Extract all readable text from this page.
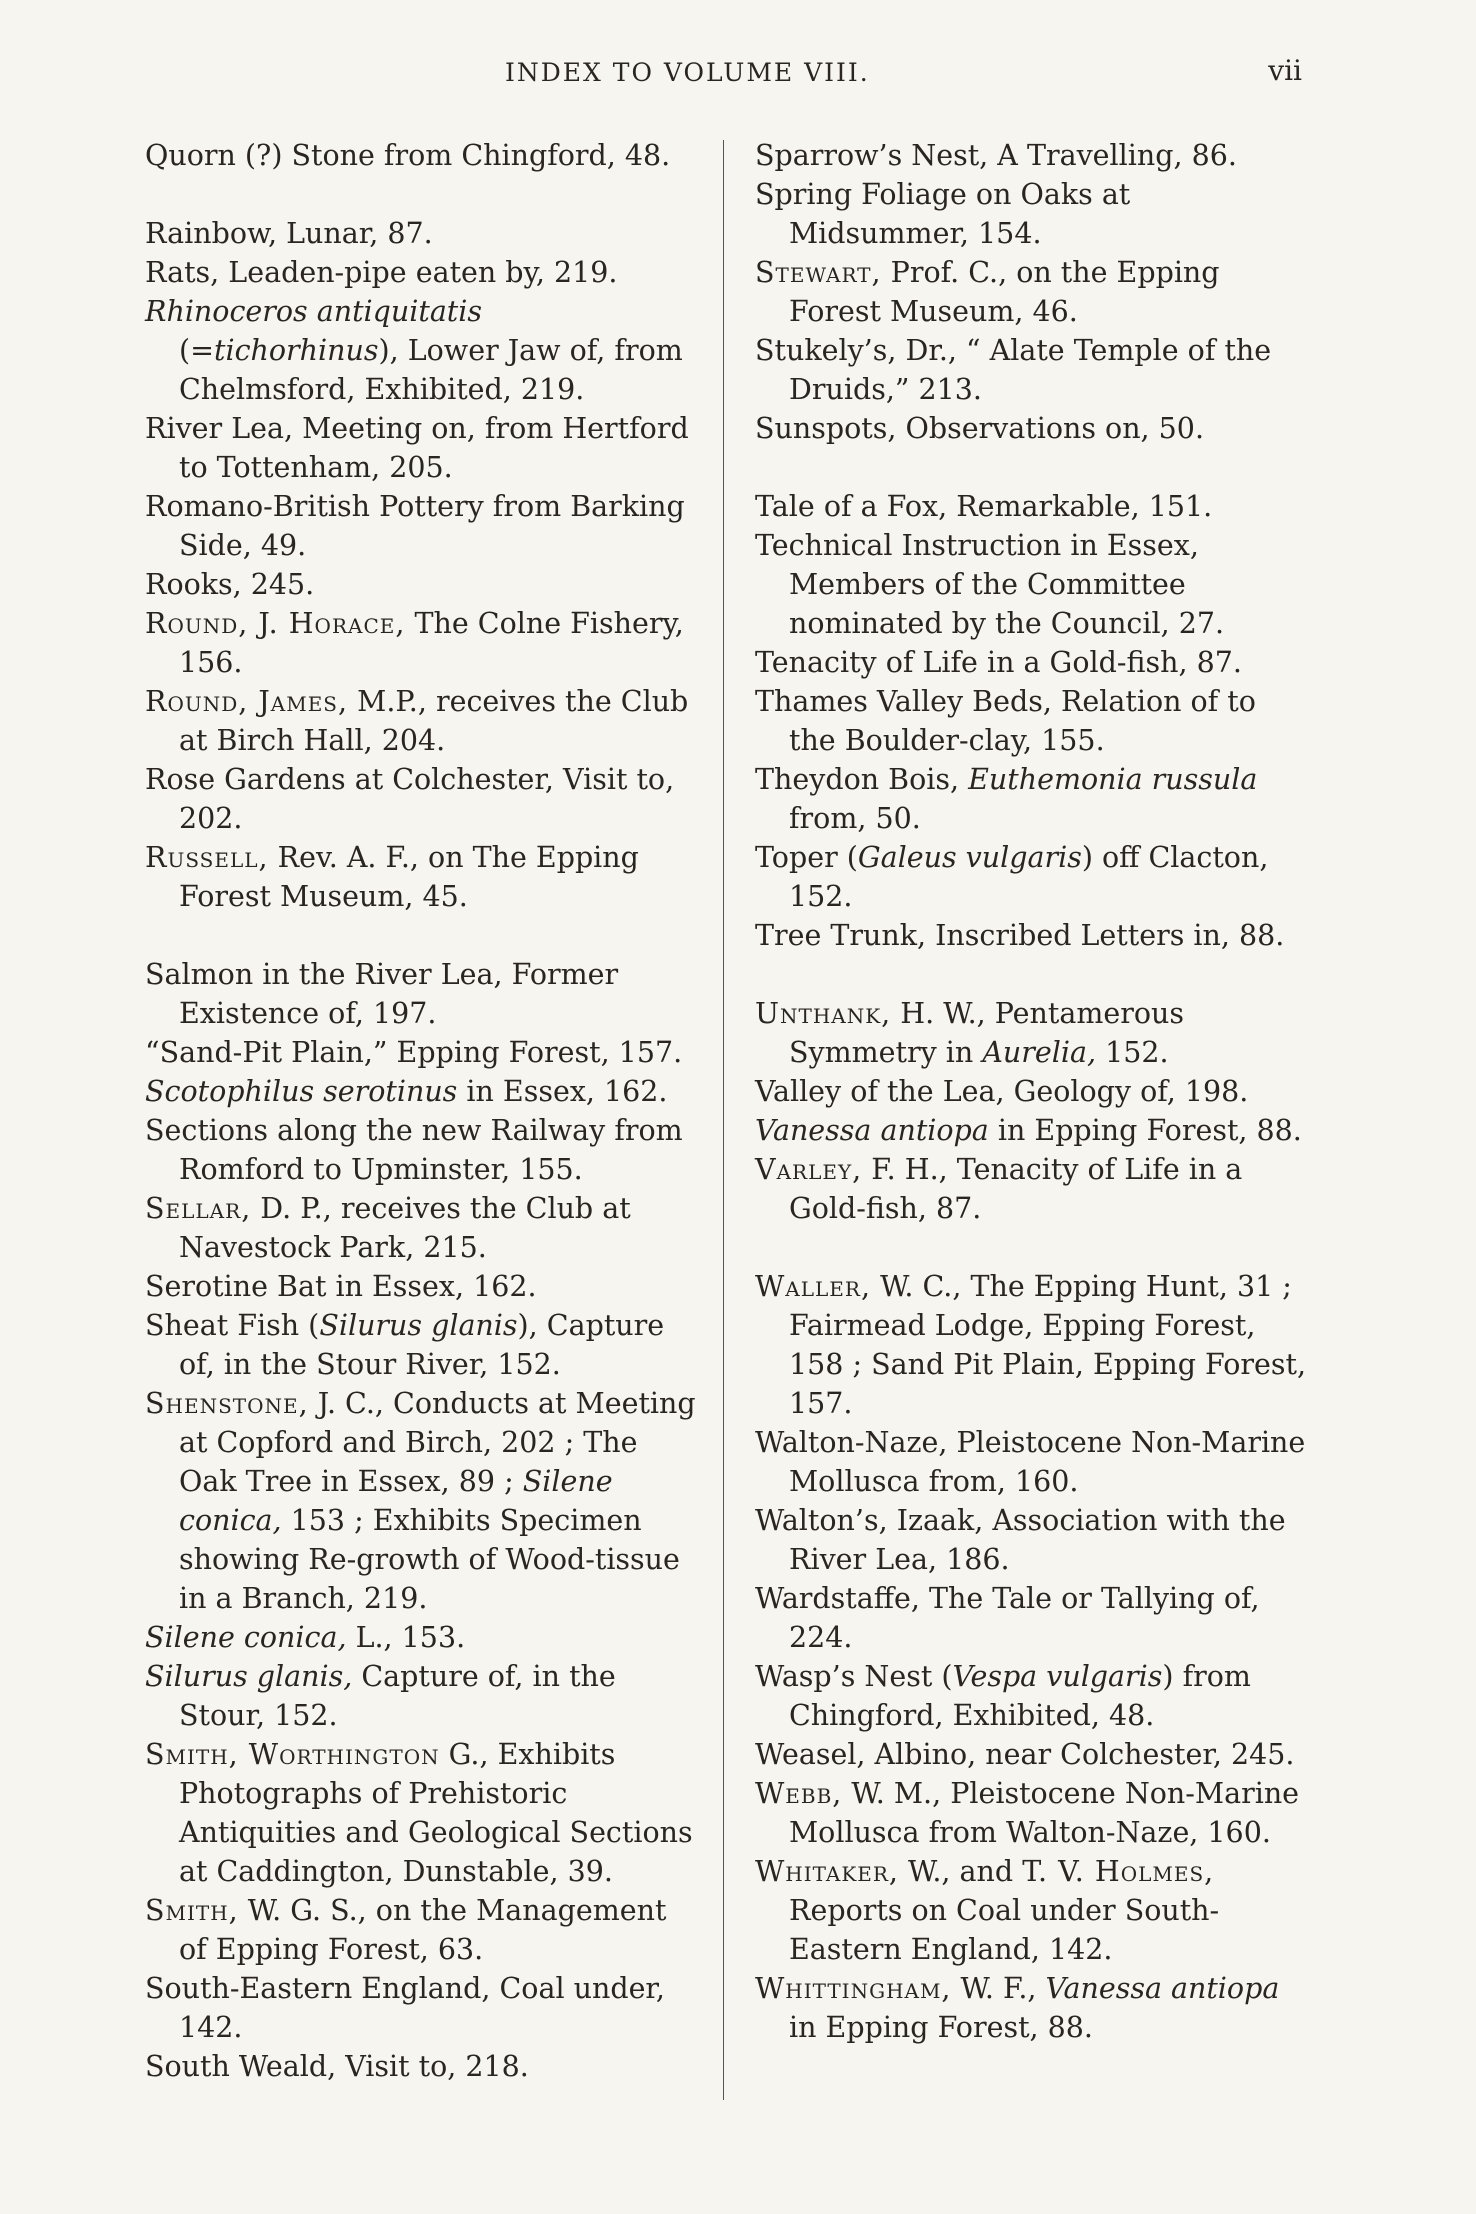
INDEX TO VOLUME VIII.	vii

Quorn (?) Stone from Chingford, 48.

Rainbow, Lunar, 87.

Rats, Leaden-pipe eaten by, 219.

Rhinoceros antiquitatis (=tichorhinus), Lower Jaw of, from Chelmsford, Exhibited, 219.

River Lea, Meeting on, from Hertford to Tottenham, 205.

Romano-British Pottery from Barking Side, 49.

Rooks, 245.

Round, J. Horace, The Colne Fishery, 156.

Round, James, M.P., receives the Club at Birch Hall, 204.

Rose Gardens at Colchester, Visit to, 202.

Russell, Rev. A. F., on The Epping Forest Museum, 45.

Salmon in the River Lea, Former Existence of, 197.

“Sand-Pit Plain,” Epping Forest, 157.

Scotophilus serotinus in Essex, 162.

Sections along the new Railway from Romford to Upminster, 155.

Sellar, D. P., receives the Club at Navestock Park, 215.

Serotine Bat in Essex, 162.

Sheat Fish (Silurus glanis), Capture of, in the Stour River, 152.

Shenstone, J. C., Conducts at Meeting at Copford and Birch, 202 ; The Oak Tree in Essex, 89 ; Silene conica, 153 ; Exhibits Specimen showing Re-growth of Wood-tissue in a Branch, 219.

Silene conica, L., 153.

Silurus glanis, Capture of, in the Stour, 152.

Smith, Worthington G., Exhibits Photographs of Prehistoric Antiquities and Geological Sections at Caddington, Dunstable, 39.

Smith, W. G. S., on the Management of Epping Forest, 63.

South-Eastern England, Coal under, 142.

South Weald, Visit to, 218.

Sparrow’s Nest, A Travelling, 86.

Spring Foliage on Oaks at Midsummer, 154.

Stewart, Prof. C., on the Epping Forest Museum, 46.

Stukely’s, Dr., “ Alate Temple of the Druids,” 213.

Sunspots, Observations on, 50.

Tale of a Fox, Remarkable, 151.

Technical Instruction in Essex, Members of the Committee nominated by the Council, 27.

Tenacity of Life in a Gold-fish, 87.

Thames Valley Beds, Relation of to the Boulder-clay, 155.

Theydon Bois, Euthemonia russula from, 50.

Toper (Galeus vulgaris) off Clacton, 152.

Tree Trunk, Inscribed Letters in, 88.

Unthank, H. W., Pentamerous Symmetry in Aurelia, 152.

Valley of the Lea, Geology of, 198.

Vanessa antiopa in Epping Forest, 88.

Varley, F. H., Tenacity of Life in a Gold-fish, 87.

Waller, W. C., The Epping Hunt, 31 ; Fairmead Lodge, Epping Forest, 158 ; Sand Pit Plain, Epping Forest, 157.

Walton-Naze, Pleistocene Non-Marine Mollusca from, 160.

Walton’s, Izaak, Association with the River Lea, 186.

Wardstaffe, The Tale or Tallying of, 224.

Wasp’s Nest (Vespa vulgaris) from Chingford, Exhibited, 48.

Weasel, Albino, near Colchester, 245.

Webb, W. M., Pleistocene Non-Marine Mollusca from Walton-Naze, 160.

Whitaker, W., and T. V. Holmes, Reports on Coal under South-Eastern England, 142.

Whittingham, W. F., Vanessa antiopa in Epping Forest, 88.
